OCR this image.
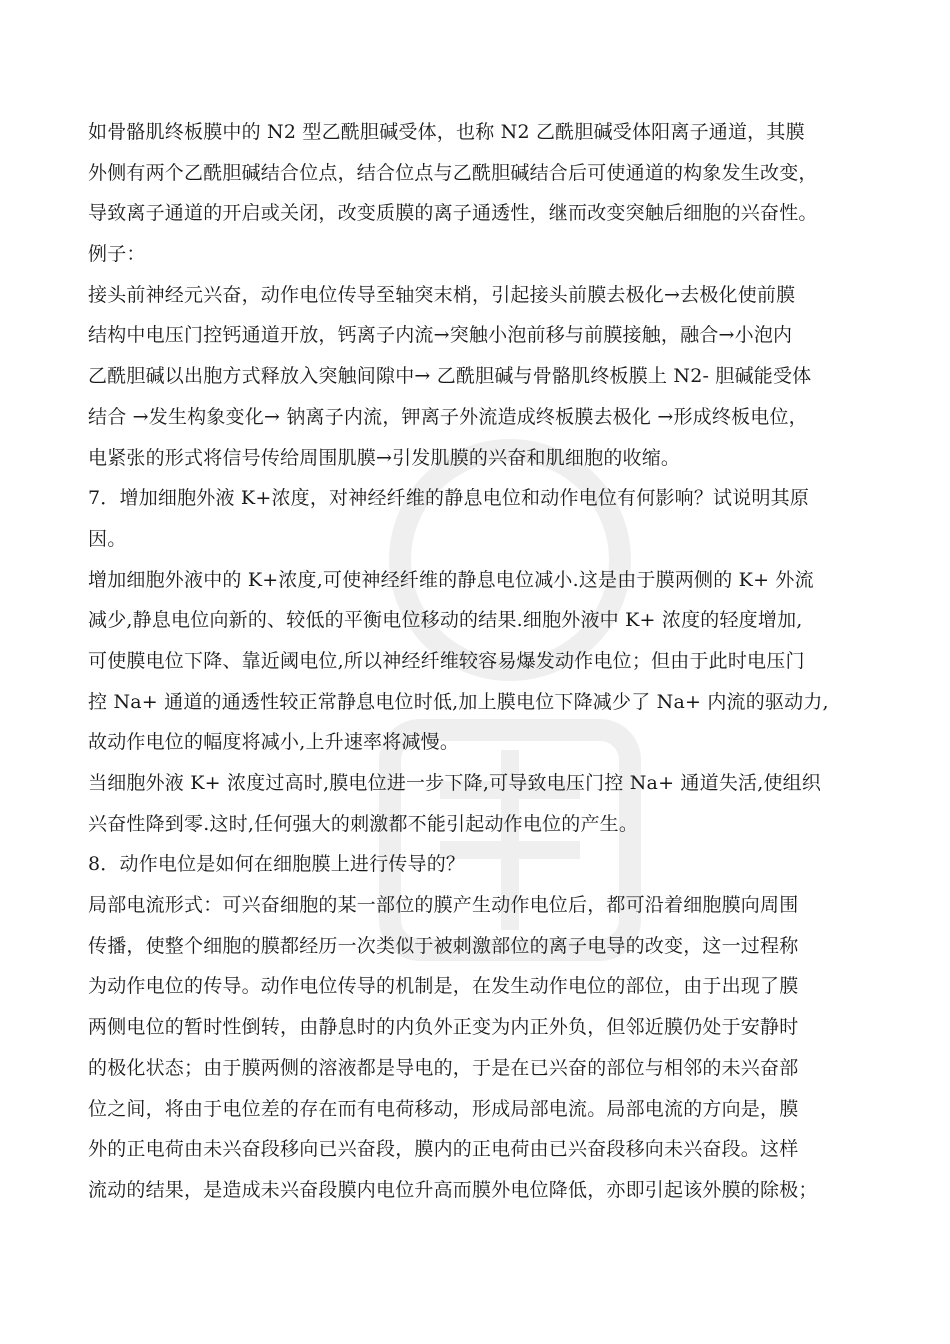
如骨骼肌终板膜中的 N2 型乙酰胆碱受体，也称 N2 乙酰胆碱受体阳离子通道，其膜
外侧有两个乙酰胆碱结合位点，结合位点与乙酰胆碱结合后可使通道的构象发生改变，
导致离子通道的开启或关闭，改变质膜的离子通透性，继而改变突触后细胞的兴奋性。
例子：
接头前神经元兴奋，动作电位传导至轴突末梢，引起接头前膜去极化→去极化使前膜
结构中电压门控钙通道开放，钙离子内流→突触小泡前移与前膜接触，融合→小泡内
乙酰胆碱以出胞方式释放入突触间隙中→ 乙酰胆碱与骨骼肌终板膜上 N2- 胆碱能受体
结合 →发生构象变化→ 钠离子内流，钾离子外流造成终板膜去极化 →形成终板电位，
电紧张的形式将信号传给周围肌膜→引发肌膜的兴奋和肌细胞的收缩。
7．增加细胞外液 K+浓度，对神经纤维的静息电位和动作电位有何影响？试说明其原
因。
增加细胞外液中的 K+浓度,可使神经纤维的静息电位减小.这是由于膜两侧的 K+ 外流
减少,静息电位向新的、较低的平衡电位移动的结果.细胞外液中 K+ 浓度的轻度增加,
可使膜电位下降、靠近阈电位,所以神经纤维较容易爆发动作电位；但由于此时电压门
控 Na+ 通道的通透性较正常静息电位时低,加上膜电位下降减少了 Na+ 内流的驱动力,
故动作电位的幅度将减小,上升速率将减慢。
当细胞外液 K+ 浓度过高时,膜电位进一步下降,可导致电压门控 Na+ 通道失活,使组织
兴奋性降到零.这时,任何强大的刺激都不能引起动作电位的产生。
8．动作电位是如何在细胞膜上进行传导的？
局部电流形式：可兴奋细胞的某一部位的膜产生动作电位后，都可沿着细胞膜向周围
传播，使整个细胞的膜都经历一次类似于被刺激部位的离子电导的改变，这一过程称
为动作电位的传导。动作电位传导的机制是，在发生动作电位的部位，由于出现了膜
两侧电位的暂时性倒转，由静息时的内负外正变为内正外负，但邻近膜仍处于安静时
的极化状态；由于膜两侧的溶液都是导电的，于是在已兴奋的部位与相邻的未兴奋部
位之间，将由于电位差的存在而有电荷移动，形成局部电流。局部电流的方向是，膜
外的正电荷由未兴奋段移向已兴奋段，膜内的正电荷由已兴奋段移向未兴奋段。这样
流动的结果，是造成未兴奋段膜内电位升高而膜外电位降低，亦即引起该外膜的除极；
